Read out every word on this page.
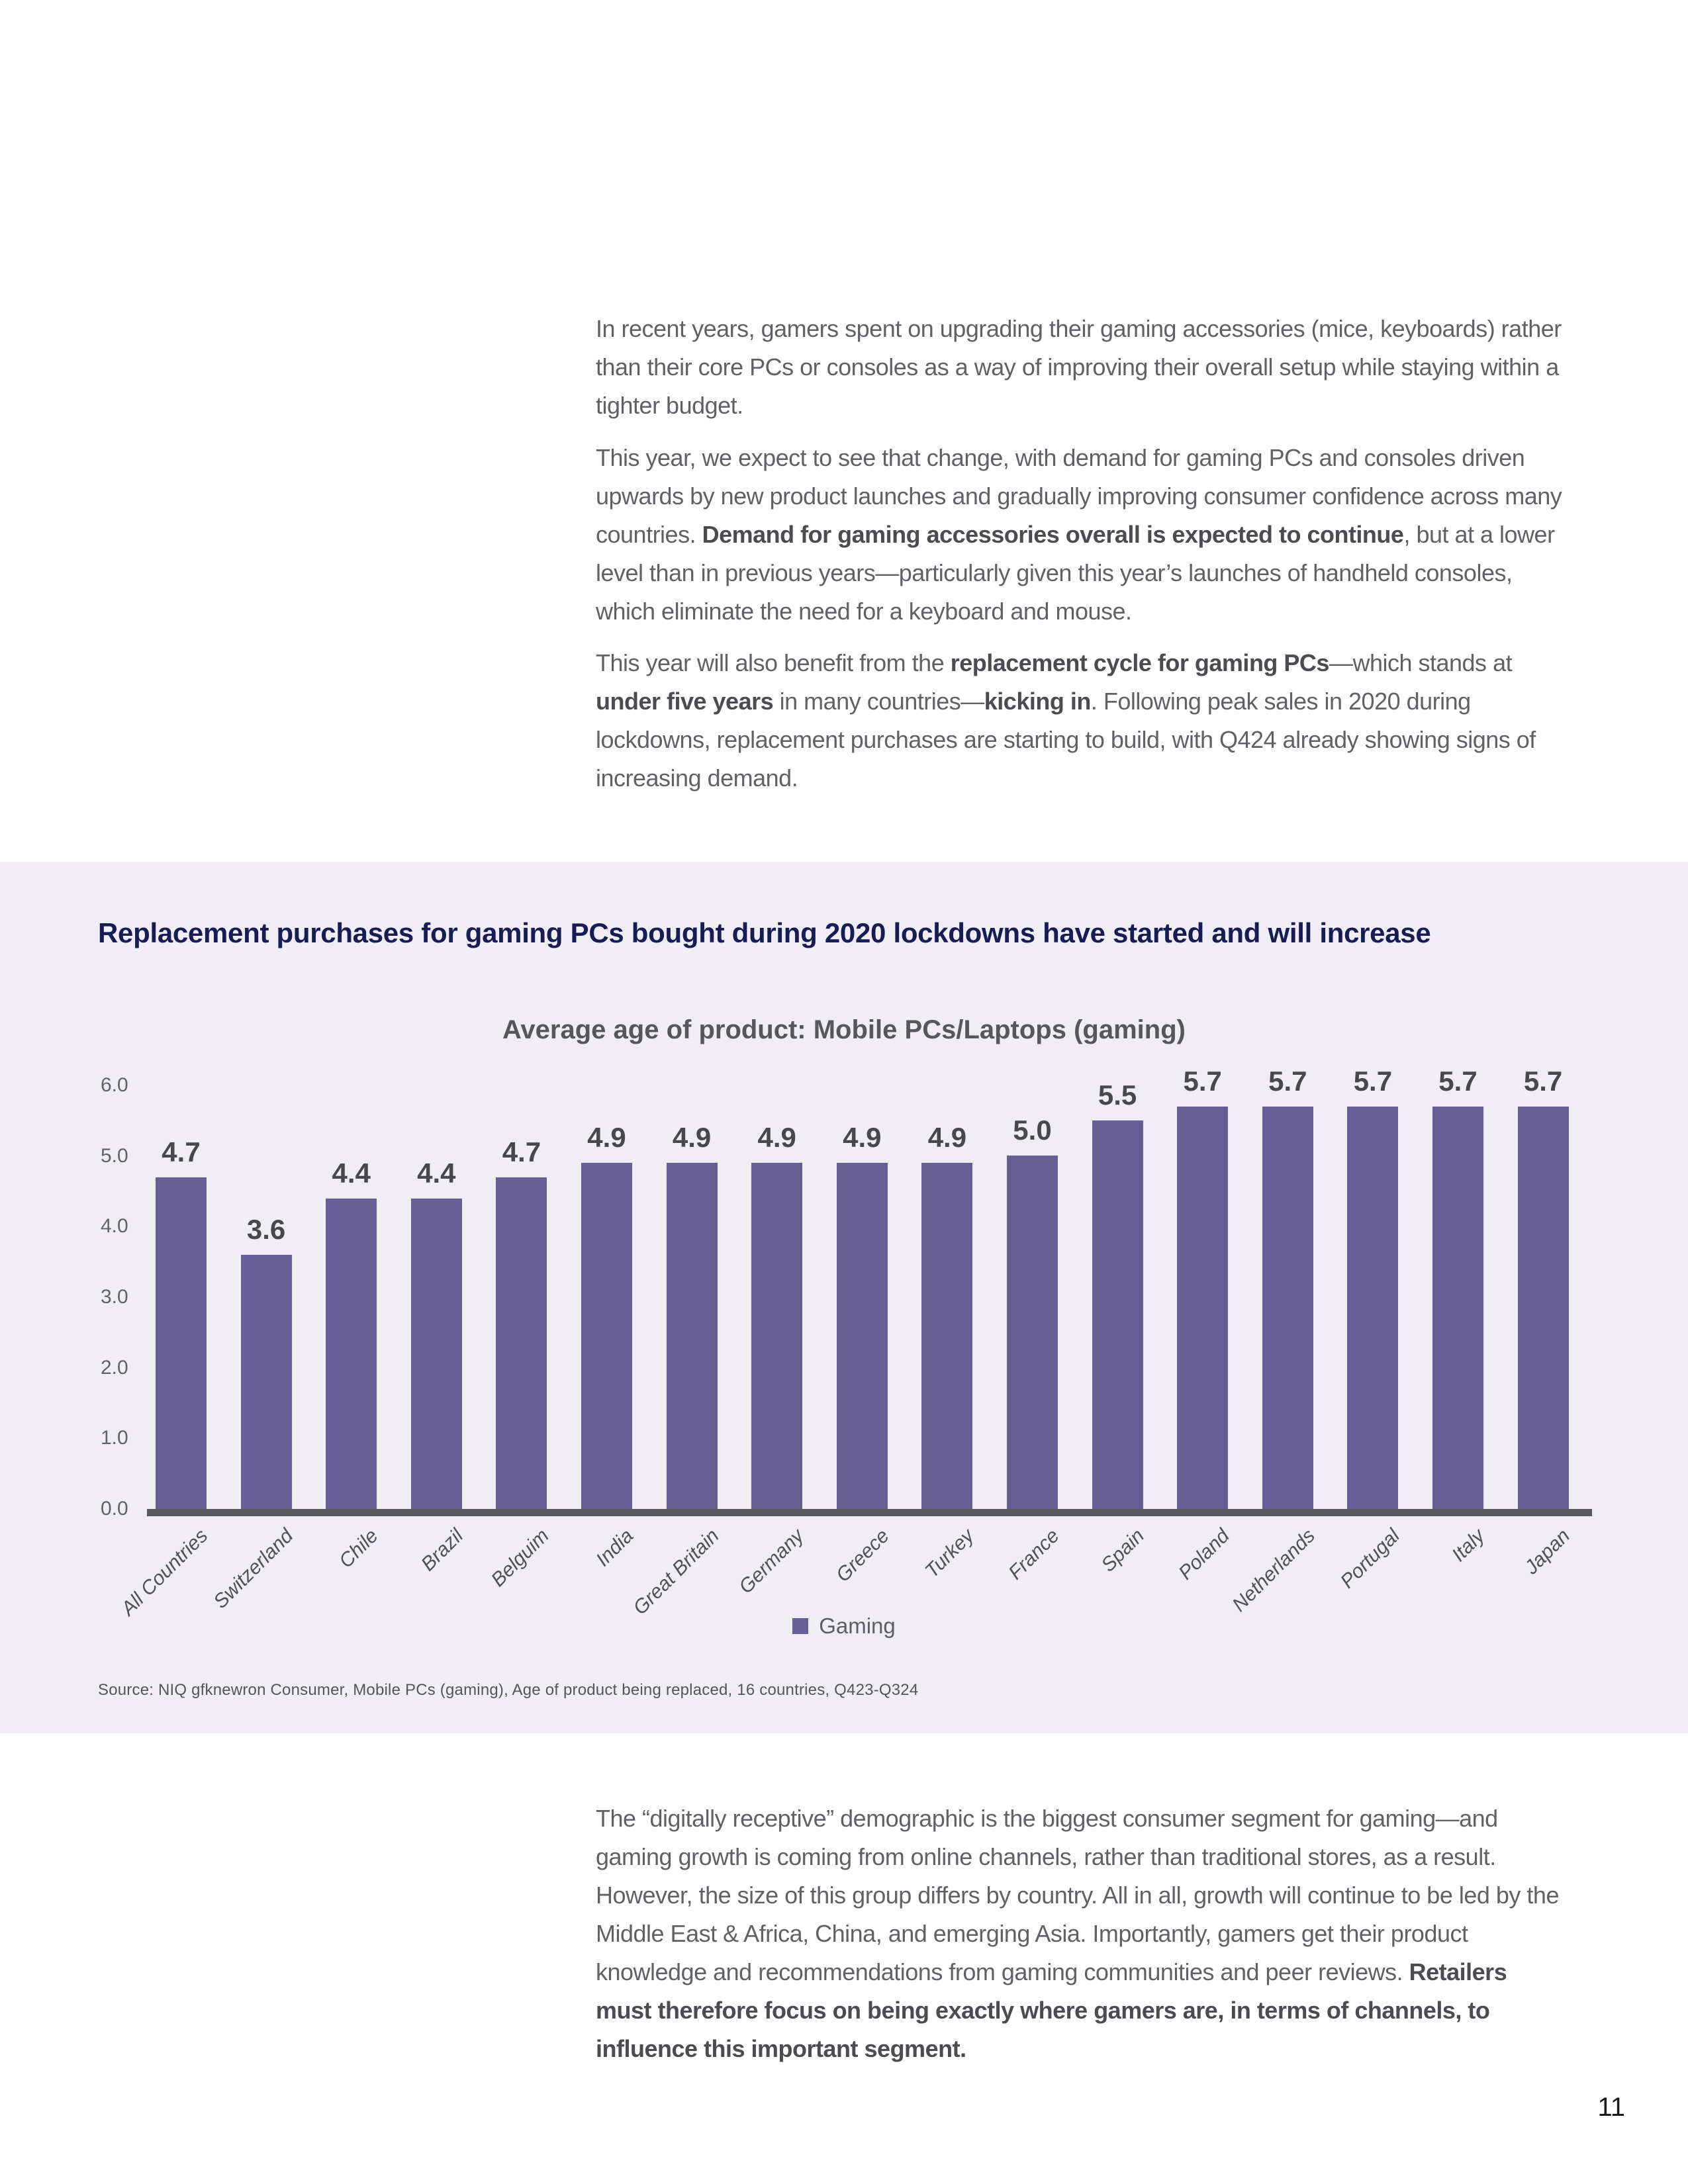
In recent years, gamers spent on upgrading their gaming accessories (mice, keyboards) rather than their core PCs or consoles as a way of improving their overall setup while staying within a tighter budget.

This year, we expect to see that change, with demand for gaming PCs and consoles driven upwards by new product launches and gradually improving consumer confidence across many countries. Demand for gaming accessories overall is expected to continue, but at a lower level than in previous years—particularly given this year’s launches of handheld consoles, which eliminate the need for a keyboard and mouse.

This year will also benefit from the replacement cycle for gaming PCs—which stands at under five years in many countries—kicking in. Following peak sales in 2020 during lockdowns, replacement purchases are starting to build, with Q424 already showing signs of increasing demand.

Replacement purchases for gaming PCs bought during 2020 lockdowns have started and will increase
Average age of product: Mobile PCs/Laptops (gaming)
6.0
5.0
4.0
3.0
2.0
1.0
0.0
4.7
All Countries
3.6
Switzerland
4.4
Chile
4.4
Brazil
4.7
Belguim
4.9
India
4.9
Great Britain
4.9
Germany
4.9
Greece
4.9
Turkey
5.0
France
5.5
Spain
5.7
Poland
5.7
Netherlands
5.7
Portugal
5.7
Italy
5.7
Japan
Gaming
Source: NIQ gfknewron Consumer, Mobile PCs (gaming), Age of product being replaced, 16 countries, Q423-Q324

The “digitally receptive” demographic is the biggest consumer segment for gaming—and gaming growth is coming from online channels, rather than traditional stores, as a result. However, the size of this group differs by country. All in all, growth will continue to be led by the Middle East & Africa, China, and emerging Asia. Importantly, gamers get their product knowledge and recommendations from gaming communities and peer reviews. Retailers must therefore focus on being exactly where gamers are, in terms of channels, to influence this important segment.

11
